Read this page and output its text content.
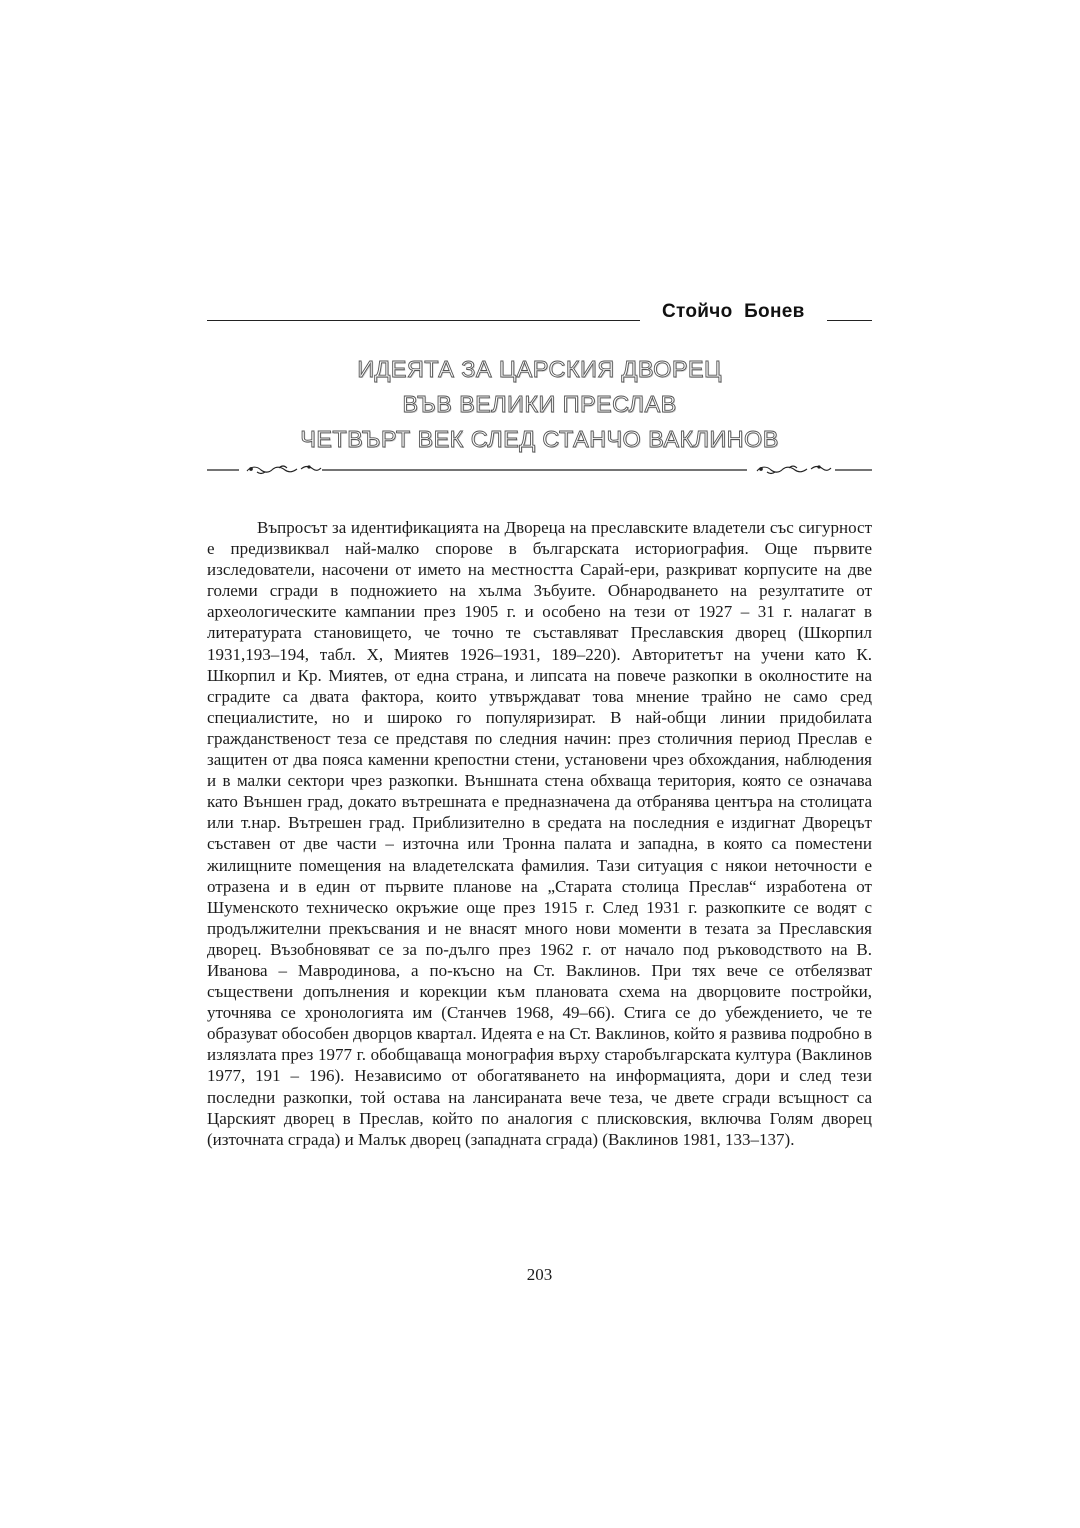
Стойчо Бонев
ИДЕЯТА ЗА ЦАРСКИЯ ДВОРЕЦ
ВЪВ ВЕЛИКИ ПРЕСЛАВ
ЧЕТВЪРТ ВЕК СЛЕД СТАНЧО ВАКЛИНОВ
Въпросът за идентификацията на Двореца на преславските владетели със сигурност е предизвиквал най-малко спорове в българската историография. Още първите изследователи, насочени от името на местността Сарай-ери, разкриват корпусите на две големи сгради в подножието на хълма Зъбуите. Обнародването на резултатите от археологическите кампании през 1905 г. и особено на тези от 1927 – 31 г. налагат в литературата становището, че точно те съставляват Преславския дворец (Шкорпил 1931,193–194, табл. X, Миятев 1926–1931, 189–220). Авторитетът на учени като К. Шкорпил и Кр. Миятев, от една страна, и липсата на повече разкопки в околностите на сградите са двата фактора, които утвърждават това мнение трайно не само сред специалистите, но и широко го популяризират. В най-общи линии придобилата гражданственост теза се представя по следния начин: през столичния период Преслав е защитен от два пояса каменни крепостни стени, установени чрез обхождания, наблюдения и в малки сектори чрез разкопки. Външната стена обхваща територия, която се означава като Външен град, докато вътрешната е предназначена да отбранява центъра на столицата или т.нар. Вътрешен град. Приблизително в средата на последния е издигнат Дворецът съставен от две части – източна или Тронна палата и западна, в която са поместени жилищните помещения на владетелската фамилия. Тази ситуация с някои неточности е отразена и в един от първите планове на „Старата столица Преслав“ изработена от Шуменското техническо окръжие още през 1915 г. След 1931 г. разкопките се водят с продължителни прекъсвания и не внасят много нови моменти в тезата за Преславския дворец. Възобновяват се за по-дълго през 1962 г. от начало под ръководството на В. Иванова – Мавродинова, а по-късно на Ст. Ваклинов. При тях вече се отбелязват съществени допълнения и корекции към плановата схема на дворцовите постройки, уточнява се хронологията им (Станчев 1968, 49–66). Стига се до убеждението, че те образуват обособен дворцов квартал. Идеята е на Ст. Ваклинов, който я развива подробно в излязлата през 1977 г. обобщаваща монография върху старобългарската култура (Ваклинов 1977, 191 – 196). Независимо от обогатяването на информацията, дори и след тези последни разкопки, той остава на лансираната вече теза, че двете сгради всъщност са Царският дворец в Преслав, който по аналогия с плисковския, включва Голям дворец (източната сграда) и Малък дворец (западната сграда) (Ваклинов 1981, 133–137).
203
